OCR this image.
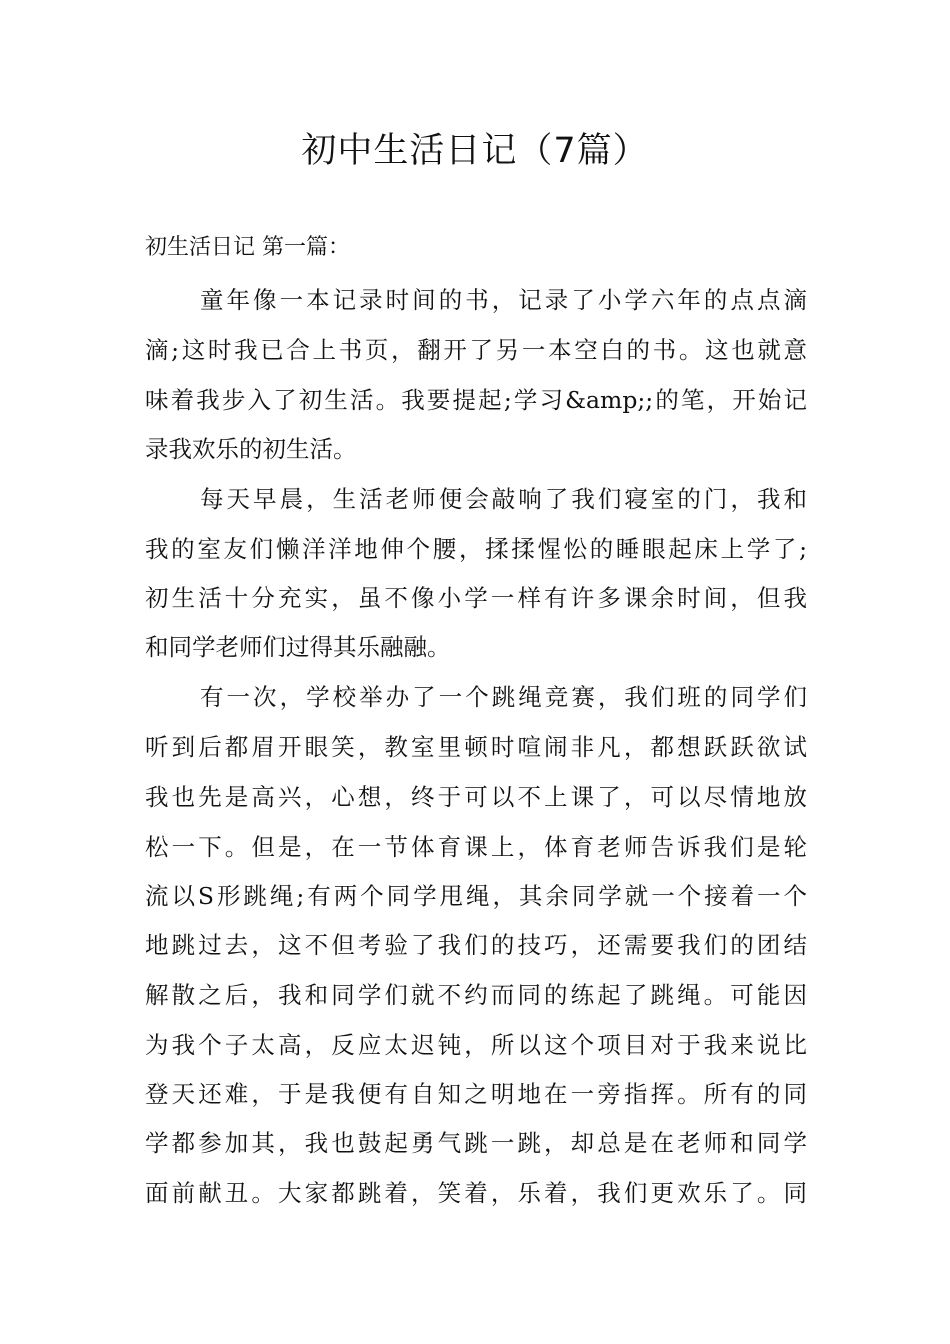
初中生活日记（7篇）
初生活日记 第一篇：
童年像一本记录时间的书，记录了小学六年的点点滴
滴;这时我已合上书页，翻开了另一本空白的书。这也就意
味着我步入了初生活。我要提起;学习&amp;;的笔，开始记
录我欢乐的初生活。
每天早晨，生活老师便会敲响了我们寝室的门，我和
我的室友们懒洋洋地伸个腰，揉揉惺忪的睡眼起床上学了;
初生活十分充实，虽不像小学一样有许多课余时间，但我
和同学老师们过得其乐融融。
有一次，学校举办了一个跳绳竞赛，我们班的同学们
听到后都眉开眼笑，教室里顿时喧闹非凡，都想跃跃欲试
我也先是高兴，心想，终于可以不上课了，可以尽情地放
松一下。但是，在一节体育课上，体育老师告诉我们是轮
流以S形跳绳;有两个同学甩绳，其余同学就一个接着一个
地跳过去，这不但考验了我们的技巧，还需要我们的团结
解散之后，我和同学们就不约而同的练起了跳绳。可能因
为我个子太高，反应太迟钝，所以这个项目对于我来说比
登天还难，于是我便有自知之明地在一旁指挥。所有的同
学都参加其，我也鼓起勇气跳一跳，却总是在老师和同学
面前献丑。大家都跳着，笑着，乐着，我们更欢乐了。同
